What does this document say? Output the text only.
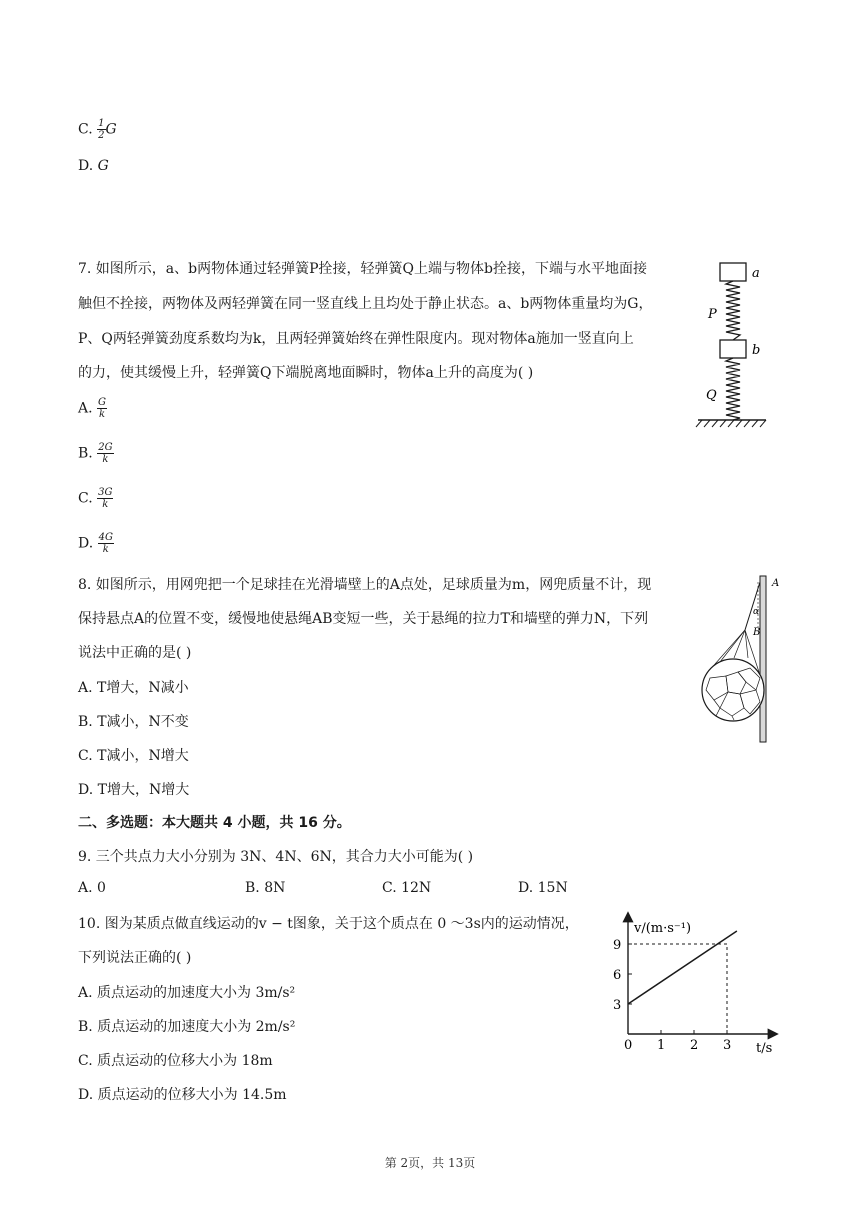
C. $\frac{1}{2}$ G
D. G
7. 如图所示，a、b两物体通过轻弹簧P拴接，轻弹簧Q上端与物体b拴接，下端与水平地面接
触但不拴接，两物体及两轻弹簧在同一竖直线上且均处于静止状态。a、b两物体重量均为G，
P、Q两轻弹簧劲度系数均为k，且两轻弹簧始终在弹性限度内。现对物体a施加一竖直向上
的力，使其缓慢上升，轻弹簧Q下端脱离地面瞬时，物体a上升的高度为( )
A. $\frac{G}{k}$
B. $\frac{2G}{k}$
C. $\frac{3G}{k}$
D. $\frac{4G}{k}$
a
P
b
Q
8. 如图所示，用网兜把一个足球挂在光滑墙壁上的A点处，足球质量为m，网兜质量不计，现
保持悬点A的位置不变，缓慢地使悬绳AB变短一些，关于悬绳的拉力T和墙壁的弹力N，下列
说法中正确的是( )
A. T增大，N减小
B. T减小，N不变
C. T减小，N增大
D. T增大，N增大
A
α
B
二、多选题：本大题共 4 小题，共 16 分。
9. 三个共点力大小分别为 3N、4N、6N，其合力大小可能为( )
A. 0	B. 8N	C. 12N	D. 15N
10. 图为某质点做直线运动的v − t图象，关于这个质点在 0 ～3s内的运动情况，
下列说法正确的( )
A. 质点运动的加速度大小为 3m/s²
B. 质点运动的加速度大小为 2m/s²
C. 质点运动的位移大小为 18m
D. 质点运动的位移大小为 14.5m
v/(m·s⁻¹)
t/s
0 1 2 3
3
6
9
第 2页，共 13页
